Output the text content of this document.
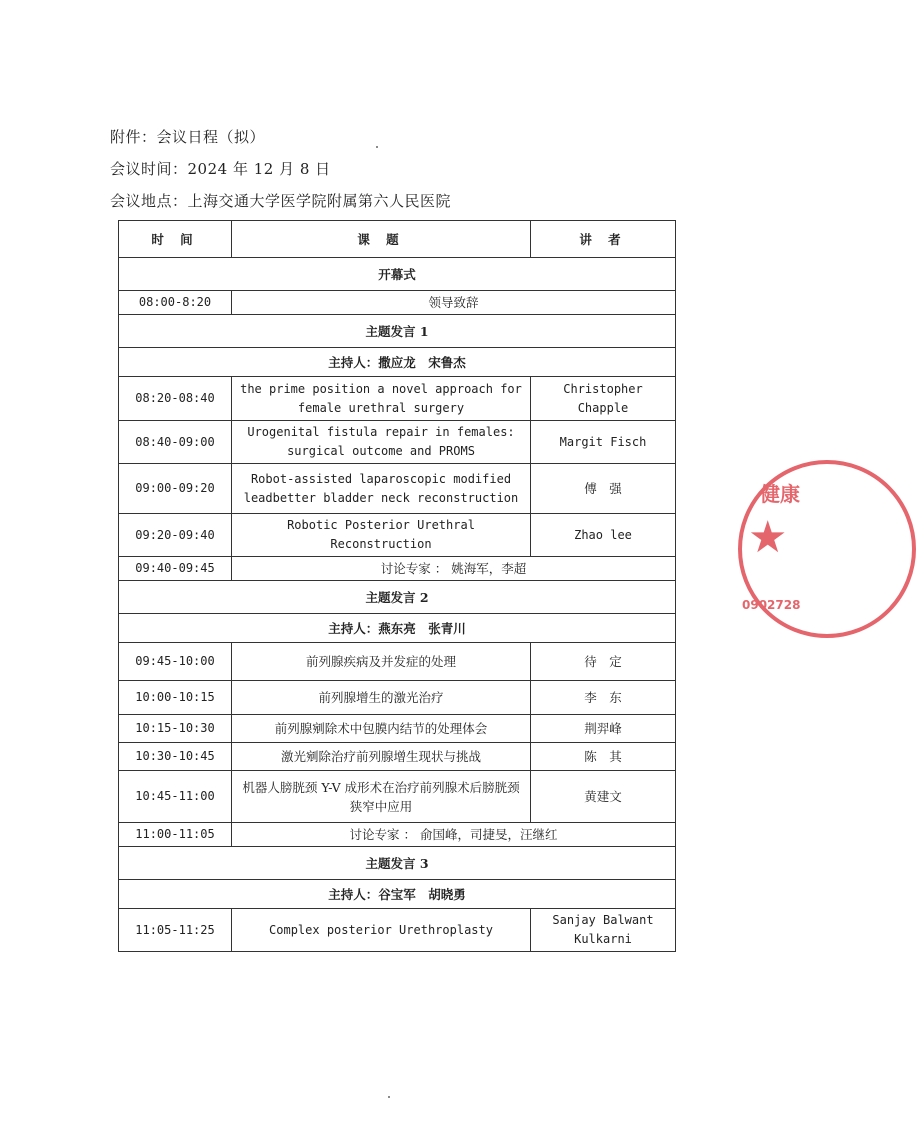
附件：会议日程（拟）
会议时间：2024 年 12 月 8 日
会议地点：上海交通大学医学院附属第六人民医院
时 间	课 题	讲 者
开幕式		
08:00-8:20	领导致辞	
主题发言 1		
主持人：撒应龙　宋鲁杰		
08:20-08:40	the prime position a novel approach for female urethral surgery	Christopher Chapple
08:40-09:00	Urogenital fistula repair in females: surgical outcome and PROMS	Margit Fisch
09:00-09:20	Robot-assisted laparoscopic modified leadbetter bladder neck reconstruction	傅　强
09:20-09:40	Robotic Posterior Urethral Reconstruction	Zhao lee
09:40-09:45	讨论专家 ： 姚海军，李超	
主题发言 2		
主持人：燕东亮　张青川		
09:45-10:00	前列腺疾病及并发症的处理	待　定
10:00-10:15	前列腺增生的激光治疗	李　东
10:15-10:30	前列腺剜除术中包膜内结节的处理体会	荆羿峰
10:30-10:45	激光剜除治疗前列腺增生现状与挑战	陈　其
10:45-11:00	机器人膀胱颈 Y-V 成形术在治疗前列腺术后膀胱颈狭窄中应用	黄建文
11:00-11:05	讨论专家 ： 俞国峰，司捷旻，汪继红	
主题发言 3		
主持人：谷宝军　胡晓勇		
11:05-11:25	Complex posterior Urethroplasty	Sanjay Balwant Kulkarni
健康
★
0902728
